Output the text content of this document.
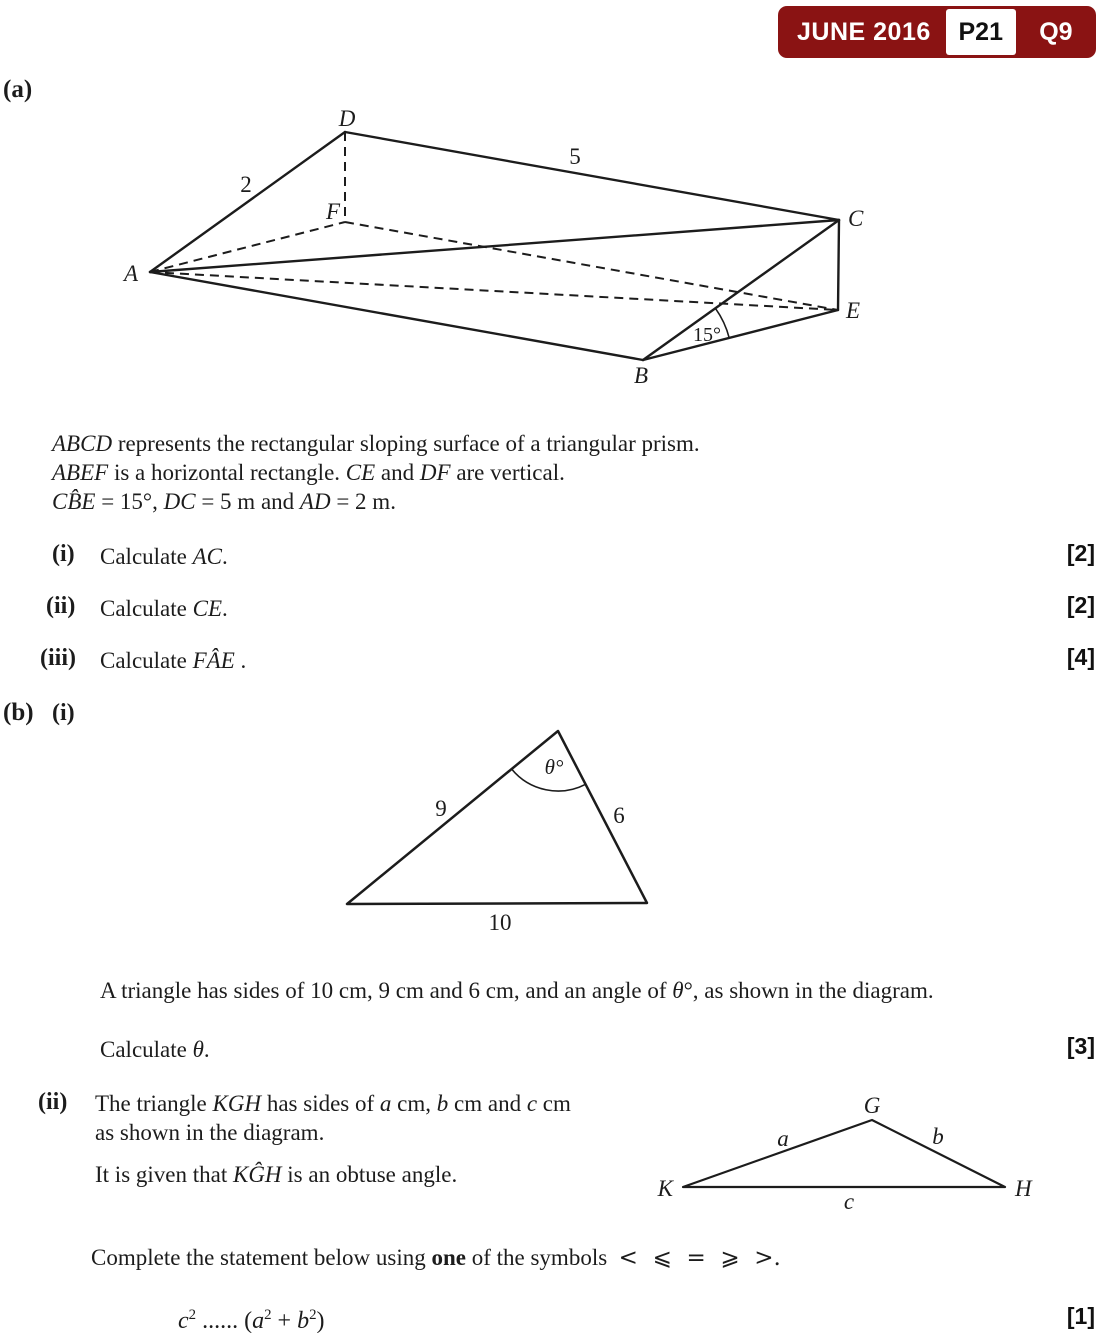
JUNE 2016	P21	Q9
(a)
D
F
A
C
E
B
2
5
15°
ABCD represents the rectangular sloping surface of a triangular prism.
ABEF is a horizontal rectangle. CE and DF are vertical.
CB̂E = 15°, DC = 5 m and AD = 2 m.
(i) Calculate AC.	[2]
(ii) Calculate CE.	[2]
(iii) Calculate FÂE .	[4]
(b) (i)
9	6
10
θ°
A triangle has sides of 10 cm, 9 cm and 6 cm, and an angle of θ°, as shown in the diagram.
Calculate θ.	[3]
(ii) The triangle KGH has sides of a cm, b cm and c cm
as shown in the diagram.
It is given that KĜH is an obtuse angle.
K
G
H
a	b
c
Complete the statement below using one of the symbols  <  ⩽  =  ⩾  >.
$c^2$ ...... $(a^2 + b^2)$	[1]
